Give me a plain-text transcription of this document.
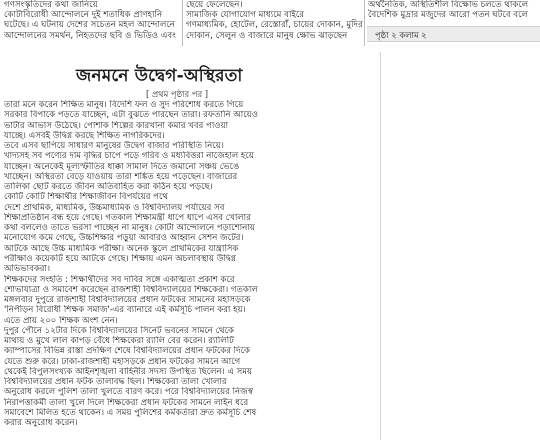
গণসংস্কৃতিদের কথা জানিয়ে

কোটাবিরোধী আন্দোলনে দুই শতাধিক প্রাণহানি

ঘটেছে। এ ঘটনায় দেশের সচেতন মহল আন্দোলনে

আন্দোলনের সমর্থন, নিহতদের ছবি ও ভিডিও এবং

ছেয়ে ফেলেছেন।

সামাজিক যোগাযোগ মাধ্যমে বাইরে

গণমাধ্যমিক, হোটেল, রেস্তোরাঁ, চায়ের দোকান, মুদির

দোকান, সেলুন ও বাজারে মানুষ ক্ষোভ ঝাড়ছেন

অর্থনৈতিক, অস্থিতিশীল বিক্ষোভ চলতে থাকলে

বৈদেশিক মুদ্রার মজুদের আরো পতন ঘটবে বলে

পৃষ্ঠা ২ কলাম ২
জনমনে উদ্বেগ-অস্থিরতা
[ প্রথম পৃষ্ঠার পর ]
তারা মনে করেন শিক্ষিত মানুষ। বিদেশি ফল ও সুদ পরিশোধ করতে গিয়ে
সরকার বিপাকে পড়তে যাচ্ছেন, এটা বুঝতে পারছেন তারা। রফতানি আয়েও
ভাটার আভাস উঠেছে। পোশাক শিল্পের কারখানা কমার খবর পাওয়া
যাচ্ছে। এসবই উদ্বিগ্ন করছে শিক্ষিত নাগরিকদের।
তবে এসব ছাপিয়ে সাধারণ মানুষের উদ্বেগ বাজার পরিস্থিতি নিয়ে।
খাদ্যসহ সব পণ্যের দাম বৃদ্ধির চাপে পড়ে গরিব ও মধ্যবিত্তরা নাজেহাল হয়ে
যাচ্ছেন। অনেকেই মূল্যস্ফীতির ধাক্কা সামাল দিতে জমানো সঞ্চয় ভেঙে
খাচ্ছেন। অস্থিরতা বেড়ে যাওয়ায় তারা শঙ্কিত হয়ে পড়েছেন। বাজারের
তালিকা ছোট করতে জীবন অতিবাহিত করা কঠিন হয়ে পড়ছে।
কোটি কোটি শিক্ষার্থীর শিক্ষাজীবন বিপর্যয়ের পথে
দেশে প্রাথমিক, মাধ্যমিক, উচ্চমাধ্যমিক ও বিশ্ববিদ্যালয় পর্যায়ের সব
শিক্ষাপ্রতিষ্ঠান বন্ধ হয়ে গেছে। গতকাল শিক্ষামন্ত্রী ধাপে ধাপে এসব খোলার
কথা বললেও তাতে ভরসা পাচ্ছেন না মানুষ। কোটা আন্দোলনে পড়াশোনায়
মনোযোগ কমে গেছে, উচ্চশিক্ষার পড়ুয়া আবারও আহ্বান সেশন জটের।
আটকে আছে উচ্চ মাধ্যমিক পরীক্ষা। অনেক স্কুলে প্রাথমিকের যান্ত্রাসিক
পরীক্ষাও কয়েকটি হয়ে আটকে গেছে। শিক্ষায় এমন অচলাবস্থায় উদ্বিগ্ন
অভিভাবকরা।
শিক্ষকদের সংহতি : শিক্ষার্থীদের সব দাবির সঙ্গে একাত্মতা প্রকাশ করে
শোভাযাত্রা ও সমাবেশ করেছেন রাজশাহী বিশ্ববিদ্যালয়ের শিক্ষকেরা। গতকাল
মঙ্গলবার দুপুরে রাজশাহী বিশ্ববিদ্যালয়ের প্রধান ফটকের সামনের মহাসড়কে
'নিপীড়ন বিরোধী শিক্ষক সমাজ'-এর ব্যানারে এই কর্মসূচি পালন করা হয়।
এতে প্রায় ২০০ শিক্ষক অংশ নেন।
দুপুর পৌনে ১২টার দিকে বিশ্ববিদ্যালয়ের সিনেট ভবনের সামনে থেকে
মাথায় ও মুখে লাল কাপড় বেঁধে শিক্ষকেরা র‍্যালি বের করেন। র‍্যালিটি
ক্যাম্পাসের বিভিন্ন রাস্তা প্রদক্ষিণ শেষে বিশ্ববিদ্যালয়ের প্রধান ফটকের দিকে
যেতে শুরু করে। ঢাকা-রাজশাহী মহাসড়কে প্রধান ফটকের সামনে আগে
থেকেই বিপুলসংখ্যক আইনশৃঙ্খলা বাহিনীর সদস্য উপস্থিত ছিলেন। এ সময়
বিশ্ববিদ্যালয়ের প্রধান ফটক তালাবদ্ধ ছিল। শিক্ষকেরা তালা খোলার
অনুরোধ করলে পুলিশ তালা খুলতে বারণ করে। পরে বিশ্ববিদ্যালয়ের নিজস্ব
নিরাপত্তাকর্মী তালা খুলে দিলে শিক্ষকেরা প্রধান ফটকের সামনে লাইন ধরে
সমাবেশে মিলিত হতে থাকেন। এ সময় পুলিশের কর্মকর্তারা দ্রুত কর্মসূচি শেষ
করার অনুরোধ করেন।
